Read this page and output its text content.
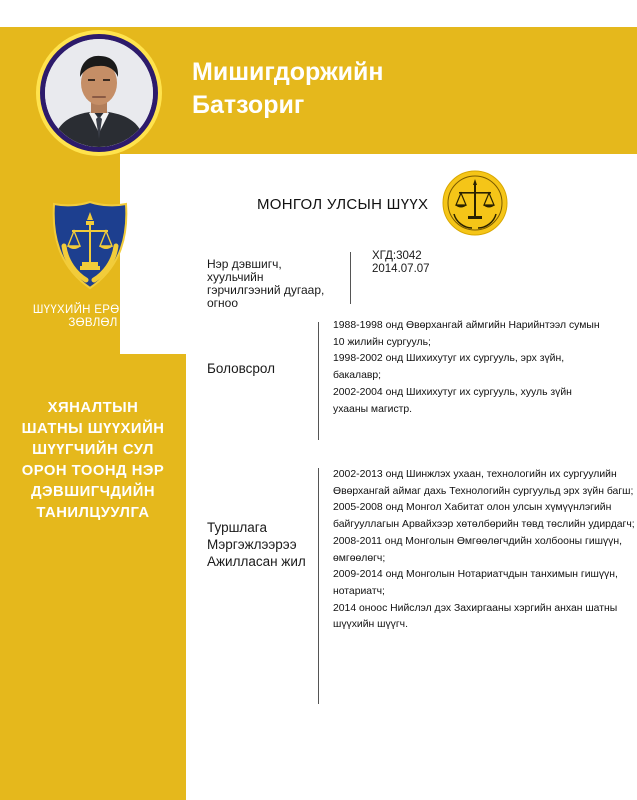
Мишигдоржийн
Батзориг
ШҮҮХИЙН ЕРӨНХИЙ
ЗӨВЛӨЛ
ХЯНАЛТЫН
ШАТНЫ ШҮҮХИЙН
ШҮҮГЧИЙН СУЛ
ОРОН ТООНД НЭР
ДЭВШИГЧДИЙН
ТАНИЛЦУУЛГА
МОНГОЛ УЛСЫН ШҮҮХ
Нэр дэвшигч,
хуульчийн
гэрчилгээний дугаар,
огноо
ХГД:3042
2014.07.07
Боловсрол
1988-1998 онд Өвөрхангай аймгийн Нарийнтээл сумын
10 жилийн сургууль;
1998-2002 онд Шихихутуг их сургууль, эрх зүйн,
бакалавр;
2002-2004 онд Шихихутуг их сургууль, хууль зүйн
ухааны магистр.
Туршлага
Мэргэжлээрээ
Ажилласан жил
2002-2013 онд Шинжлэх ухаан, технологийн их сургуулийн
Өвөрхангай аймаг дахь Технологийн сургуульд эрх зүйн багш;
2005-2008 онд Монгол Хабитат олон улсын хүмүүнлэгийн
байгууллагын Арвайхээр хөтөлбөрийн төвд төслийн удирдагч;
2008-2011 онд Монголын Өмгөөлөгчдийн холбооны гишүүн,
өмгөөлөгч;
2009-2014 онд Монголын Нотариатчдын танхимын гишүүн,
нотариатч;
2014 оноос Нийслэл дэх Захиргааны хэргийн анхан шатны
шүүхийн шүүгч.
